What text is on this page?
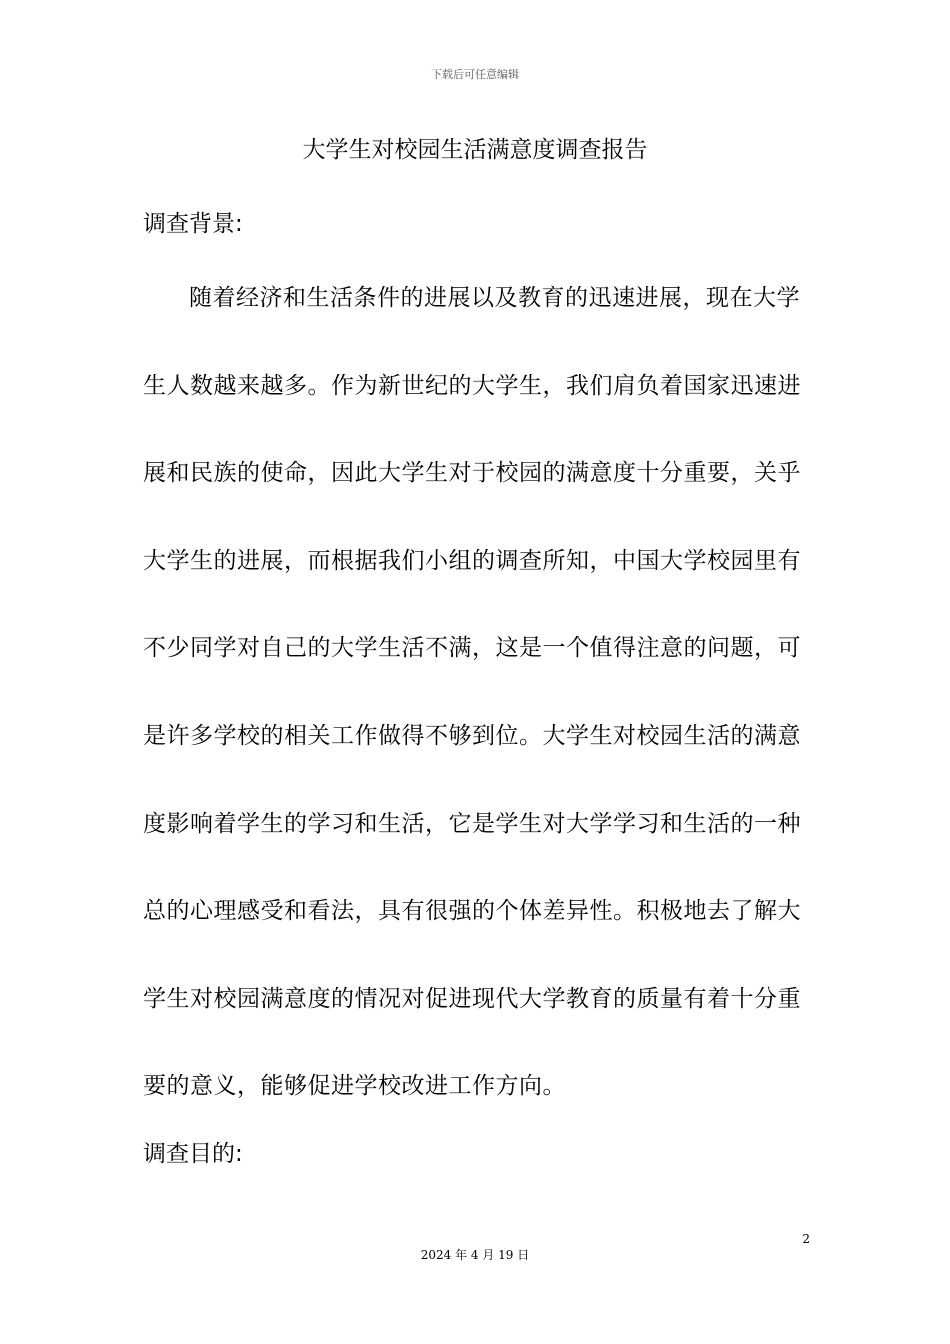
下载后可任意编辑
大学生对校园生活满意度调查报告
调查背景:
随着经济和生活条件的进展以及教育的迅速进展，现在大学
生人数越来越多。作为新世纪的大学生，我们肩负着国家迅速进
展和民族的使命，因此大学生对于校园的满意度十分重要，关乎
大学生的进展，而根据我们小组的调查所知，中国大学校园里有
不少同学对自己的大学生活不满，这是一个值得注意的问题，可
是许多学校的相关工作做得不够到位。大学生对校园生活的满意
度影响着学生的学习和生活，它是学生对大学学习和生活的一种
总的心理感受和看法，具有很强的个体差异性。积极地去了解大
学生对校园满意度的情况对促进现代大学教育的质量有着十分重
要的意义，能够促进学校改进工作方向。
调查目的:
2
2024 年 4 月 19 日
